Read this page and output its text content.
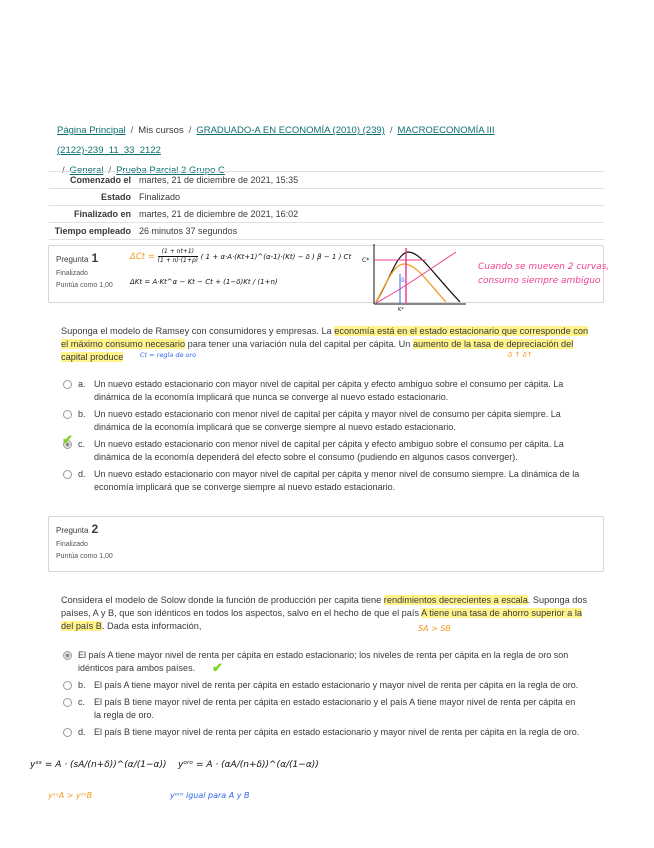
Página Principal / Mis cursos / GRADUADO-A EN ECONOMÍA (2010) (239) / MACROECONOMÍA III (2122)-239_11_33_2122
/ General / Prueba Parcial 2 Grupo C
Comenzado el martes, 21 de diciembre de 2021, 15:35
Estado Finalizado
Finalizado en martes, 21 de diciembre de 2021, 16:02
Tiempo empleado 26 minutos 37 segundos
Pregunta 1
Finalizado
Puntúa como 1,00
$\Delta Ct = \frac{(1 + nt+1)}{(1 + n)\cdot(1+\rho)}$ ( 1 + α·A·(Kt+1)^(α-1)·(Kt) − δ ) β − 1 ) Ct
ΔKt = A·Kt^α − Kt − Ct + (1−δ)Kt / (1+n)
C*
K*
δ
Cuando se mueven 2 curvas,
consumo siempre ambiguo
Suponga el modelo de Ramsey con consumidores y empresas. La economía está en el estado estacionario que corresponde con el máximo consumo necesario para tener una variación nula del capital per cápita. Un aumento de la tasa de depreciación del capital produce	Ct = regla de oro	δ ↑ δ↑
a. Un nuevo estado estacionario con mayor nivel de capital per cápita y efecto ambiguo sobre el consumo per cápita. La dinámica de la economía implicará que nunca se converge al nuevo estado estacionario.
b. Un nuevo estado estacionario con menor nivel de capital per cápita y mayor nivel de consumo per cápita siempre. La dinámica de la economía implicará que se converge siempre al nuevo estado estacionario.
c. Un nuevo estado estacionario con menor nivel de capital per cápita y efecto ambiguo sobre el consumo per cápita. La dinámica de la economía dependerá del efecto sobre el consumo (pudiendo en algunos casos converger).
d. Un nuevo estado estacionario con mayor nivel de capital per cápita y menor nivel de consumo siempre. La dinámica de la economía implicará que se converge siempre al nuevo estado estacionario.
✔
Pregunta 2
Finalizado
Puntúa como 1,00
Considera el modelo de Solow donde la función de producción per capita tiene rendimientos decrecientes a escala. Suponga dos países, A y B, que son idénticos en todos los aspectos, salvo en el hecho de que el país A tiene una tasa de ahorro superior a la del país B. Dada esta información,	SA > SB
El país A tiene mayor nivel de renta per cápita en estado estacionario; los niveles de renta per cápita en la regla de oro son idénticos para ambos países.
b. El país A tiene mayor nivel de renta per cápita en estado estacionario y mayor nivel de renta per cápita en la regla de oro.
c. El país B tiene mayor nivel de renta per cápita en estado estacionario y el país A tiene mayor nivel de renta per cápita en la regla de oro.
d. El país B tiene mayor nivel de renta per cápita en estado estacionario y mayor nivel de renta per cápita en la regla de oro.
✔
yˢˢ = A · (sA/(n+δ))^(α/(1−α)) yᵒʳᵒ = A · (αA/(n+δ))^(α/(1−α))
yˢˢA > yˢˢB	yᵒʳᵒ igual para A y B
